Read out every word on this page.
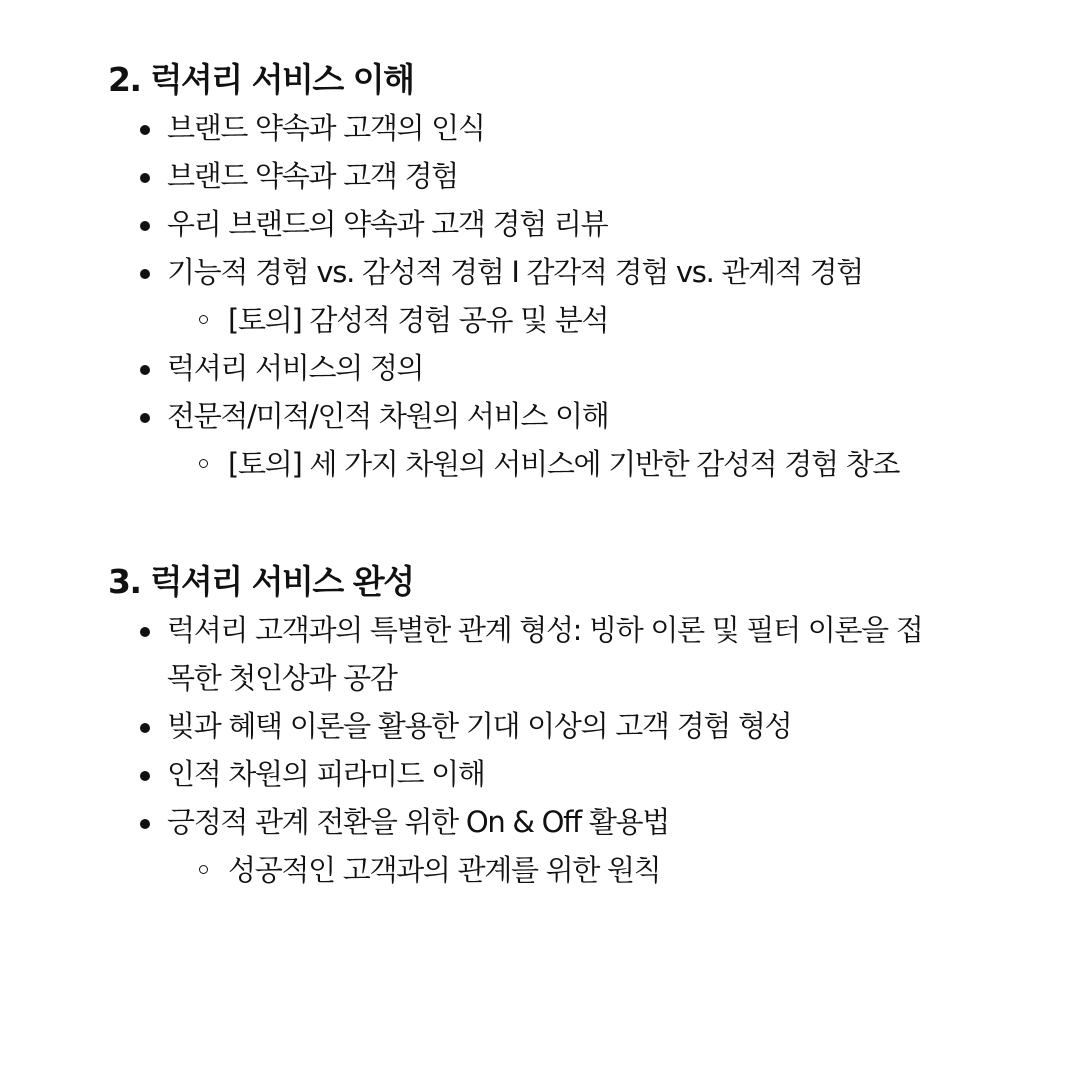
2. 럭셔리 서비스 이해
브랜드 약속과 고객의 인식
브랜드 약속과 고객 경험
우리 브랜드의 약속과 고객 경험 리뷰
기능적 경험 vs. 감성적 경험 Ⅰ 감각적 경험 vs. 관계적 경험
[토의] 감성적 경험 공유 및 분석
럭셔리 서비스의 정의
전문적/미적/인적 차원의 서비스 이해
[토의] 세 가지 차원의 서비스에 기반한 감성적 경험 창조
3. 럭셔리 서비스 완성
럭셔리 고객과의 특별한 관계 형성: 빙하 이론 및 필터 이론을 접목한 첫인상과 공감
빚과 혜택 이론을 활용한 기대 이상의 고객 경험 형성
인적 차원의 피라미드 이해
긍정적 관계 전환을 위한 On & Off 활용법
성공적인 고객과의 관계를 위한 원칙
